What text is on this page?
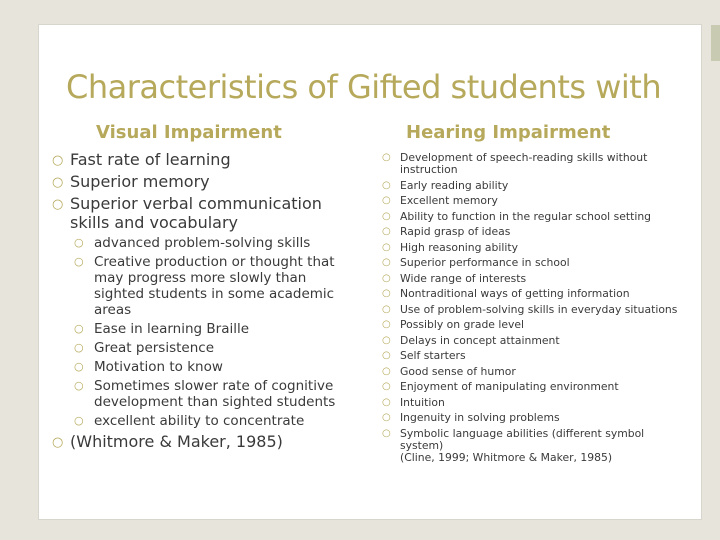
Characteristics of Gifted students with
Visual Impairment	Hearing Impairment
○ Fast rate of learning
○ Superior memory
○ Superior verbal communication skills and vocabulary
○ advanced problem-solving skills
○ Creative production or thought that may progress more slowly than sighted students in some academic areas
○ Ease in learning Braille
○ Great persistence
○ Motivation to know
○ Sometimes slower rate of cognitive development than sighted students
○ excellent ability to concentrate
○ (Whitmore & Maker, 1985)
○ Development of speech-reading skills without instruction
○ Early reading ability
○ Excellent memory
○ Ability to function in the regular school setting
○ Rapid grasp of ideas
○ High reasoning ability
○ Superior performance in school
○ Wide range of interests
○ Nontraditional ways of getting information
○ Use of problem-solving skills in everyday situations
○ Possibly on grade level
○ Delays in concept attainment
○ Self starters
○ Good sense of humor
○ Enjoyment of manipulating environment
○ Intuition
○ Ingenuity in solving problems
○ Symbolic language abilities (different symbol system)
(Cline, 1999; Whitmore & Maker, 1985)
